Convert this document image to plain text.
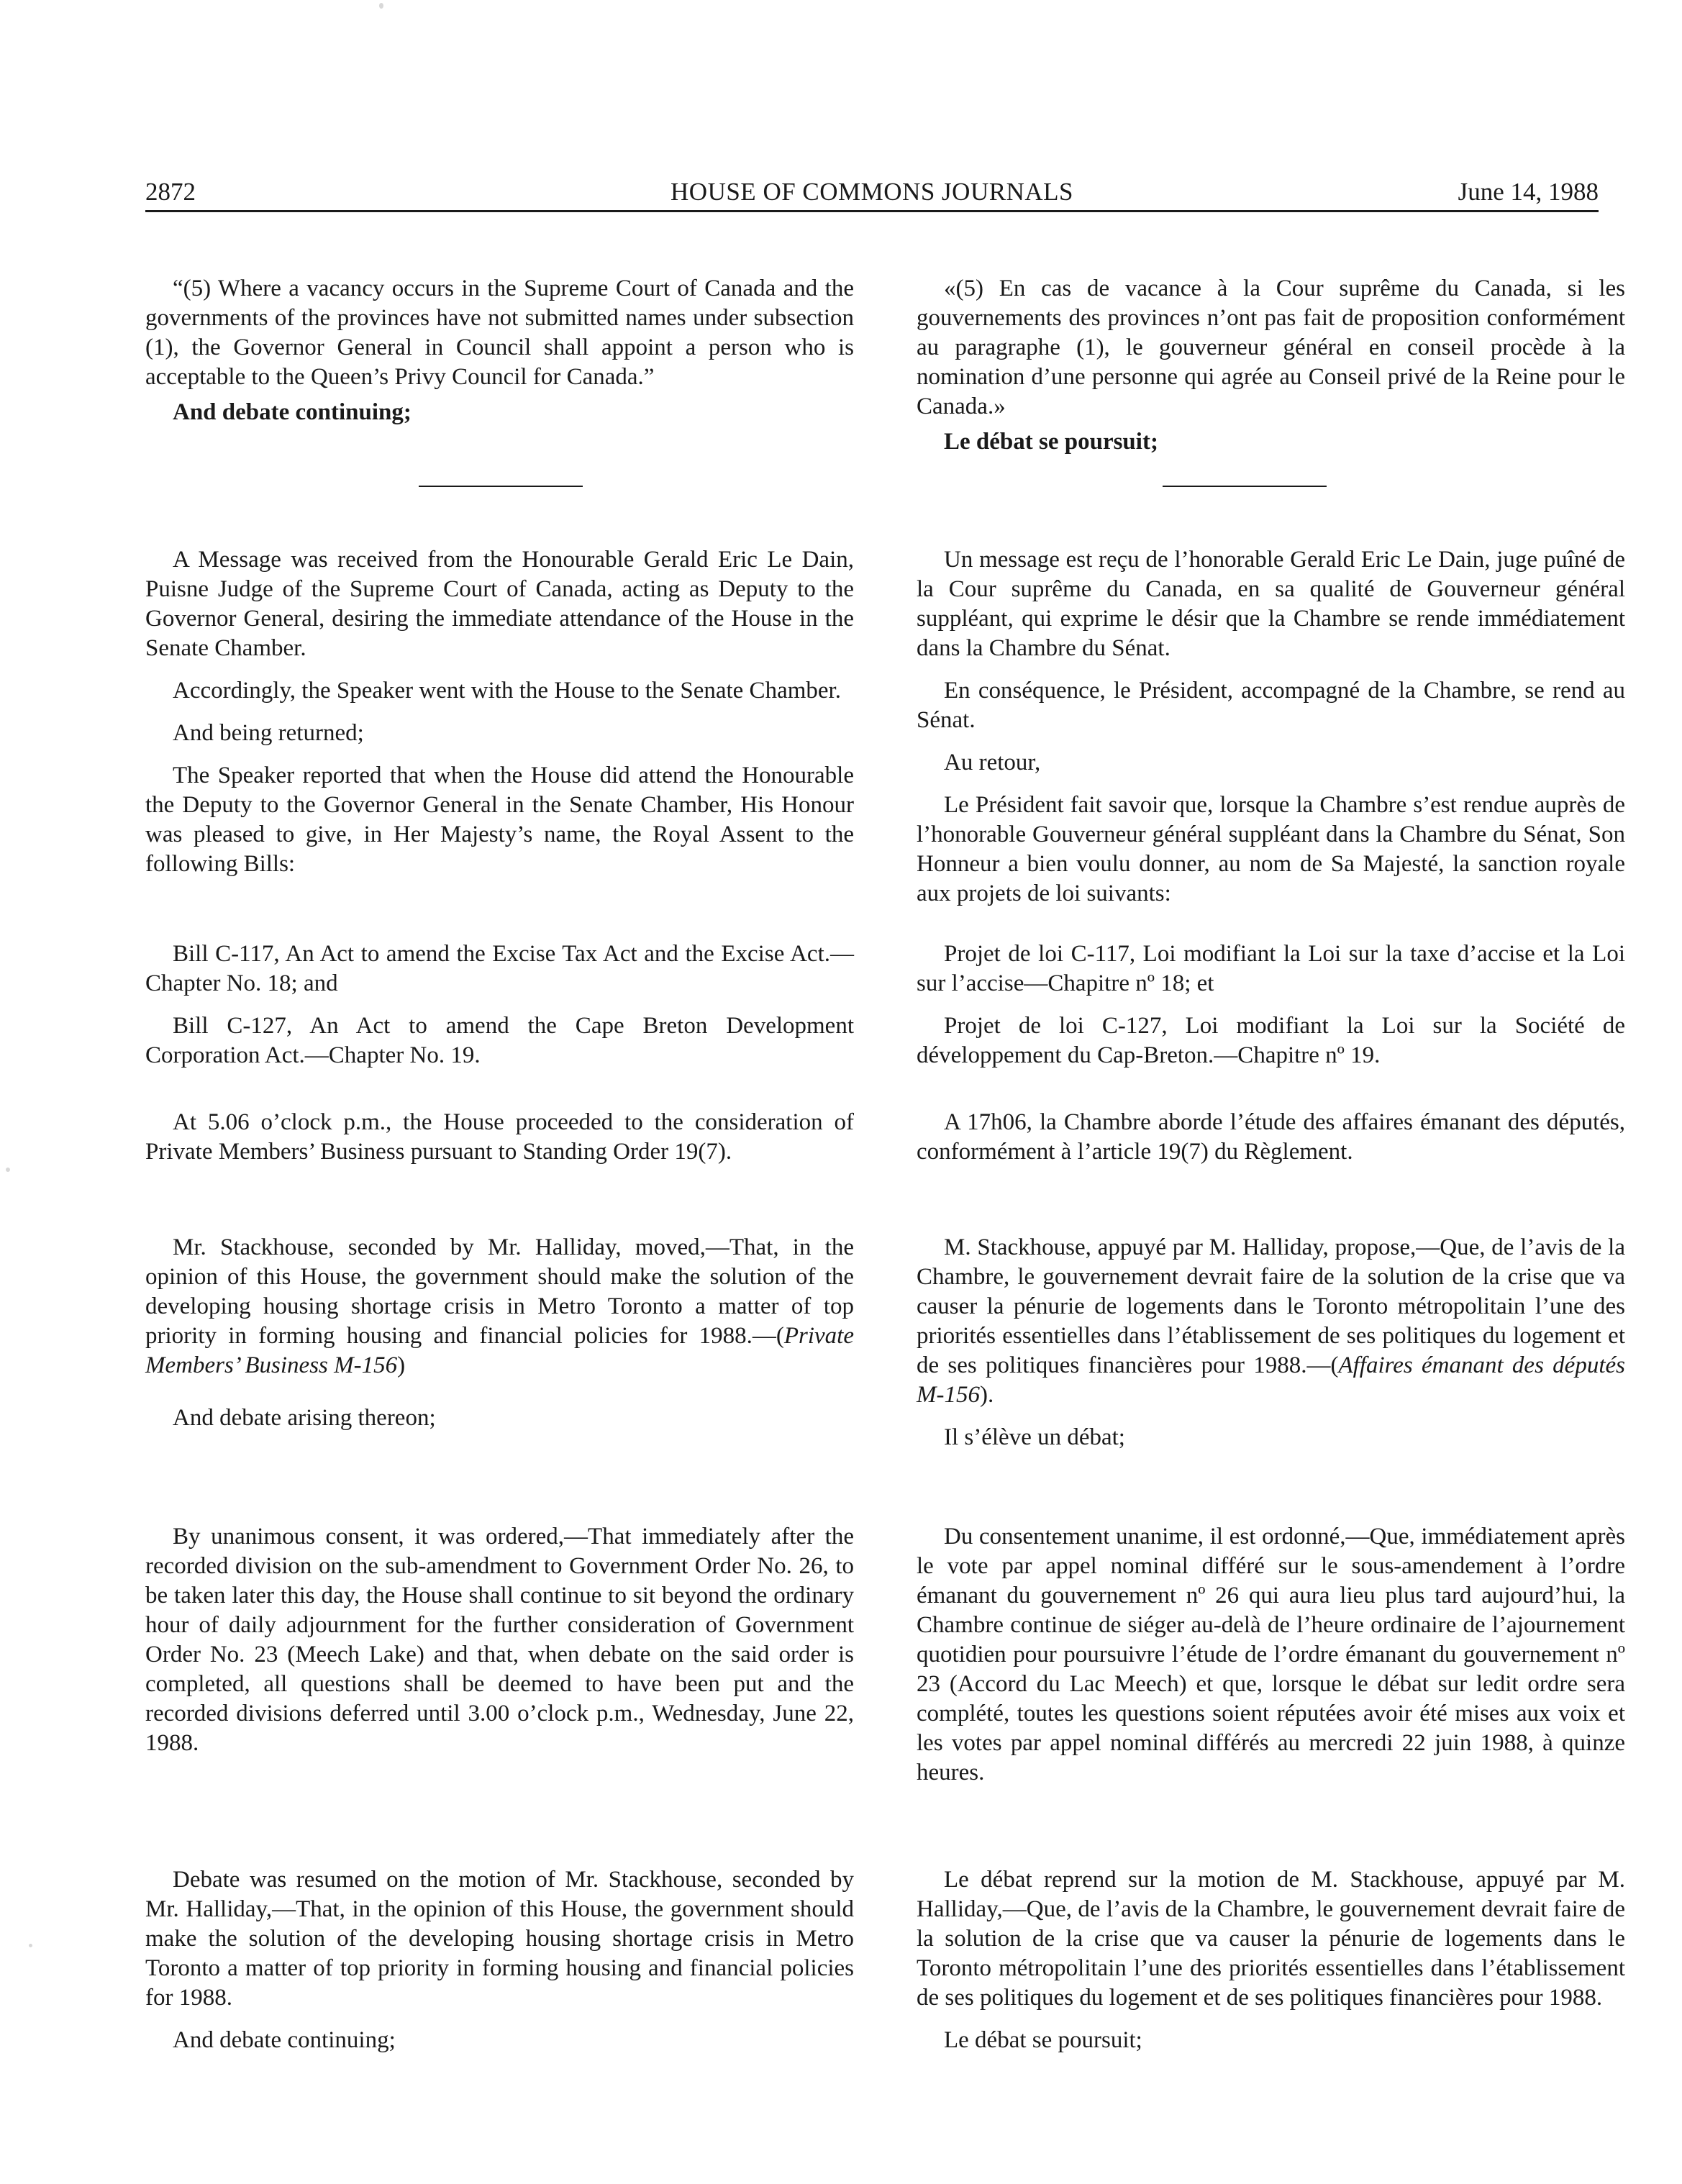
2872	HOUSE OF COMMONS JOURNALS	June 14, 1988

“(5) Where a vacancy occurs in the Supreme Court of Canada and the governments of the provinces have not submitted names under subsection (1), the Governor General in Council shall appoint a person who is acceptable to the Queen’s Privy Council for Canada.”

And debate continuing;

A Message was received from the Honourable Gerald Eric Le Dain, Puisne Judge of the Supreme Court of Canada, acting as Deputy to the Governor General, desiring the immediate attendance of the House in the Senate Chamber.

Accordingly, the Speaker went with the House to the Senate Chamber.

And being returned;

The Speaker reported that when the House did attend the Honourable the Deputy to the Governor General in the Senate Chamber, His Honour was pleased to give, in Her Majesty’s name, the Royal Assent to the following Bills:

Bill C-117, An Act to amend the Excise Tax Act and the Excise Act.—Chapter No. 18; and

Bill C-127, An Act to amend the Cape Breton Development Corporation Act.—Chapter No. 19.

At 5.06 o’clock p.m., the House proceeded to the consideration of Private Members’ Business pursuant to Standing Order 19(7).

Mr. Stackhouse, seconded by Mr. Halliday, moved,—That, in the opinion of this House, the government should make the solution of the developing housing shortage crisis in Metro Toronto a matter of top priority in forming housing and financial policies for 1988.—(Private Members’ Business M-156)

And debate arising thereon;

By unanimous consent, it was ordered,—That immediately after the recorded division on the sub-amendment to Government Order No. 26, to be taken later this day, the House shall continue to sit beyond the ordinary hour of daily adjournment for the further consideration of Government Order No. 23 (Meech Lake) and that, when debate on the said order is completed, all questions shall be deemed to have been put and the recorded divisions deferred until 3.00 o’clock p.m., Wednesday, June 22, 1988.

Debate was resumed on the motion of Mr. Stackhouse, seconded by Mr. Halliday,—That, in the opinion of this House, the government should make the solution of the developing housing shortage crisis in Metro Toronto a matter of top priority in forming housing and financial policies for 1988.

And debate continuing;

«(5) En cas de vacance à la Cour suprême du Canada, si les gouvernements des provinces n’ont pas fait de proposition conformément au paragraphe (1), le gouverneur général en conseil procède à la nomination d’une personne qui agrée au Conseil privé de la Reine pour le Canada.»

Le débat se poursuit;

Un message est reçu de l’honorable Gerald Eric Le Dain, juge puîné de la Cour suprême du Canada, en sa qualité de Gouverneur général suppléant, qui exprime le désir que la Chambre se rende immédiatement dans la Chambre du Sénat.

En conséquence, le Président, accompagné de la Chambre, se rend au Sénat.

Au retour,

Le Président fait savoir que, lorsque la Chambre s’est rendue auprès de l’honorable Gouverneur général suppléant dans la Chambre du Sénat, Son Honneur a bien voulu donner, au nom de Sa Majesté, la sanction royale aux projets de loi suivants:

Projet de loi C-117, Loi modifiant la Loi sur la taxe d’accise et la Loi sur l’accise—Chapitre nº 18; et

Projet de loi C-127, Loi modifiant la Loi sur la Société de développement du Cap-Breton.—Chapitre nº 19.

A 17h06, la Chambre aborde l’étude des affaires émanant des députés, conformément à l’article 19(7) du Règlement.

M. Stackhouse, appuyé par M. Halliday, propose,—Que, de l’avis de la Chambre, le gouvernement devrait faire de la solution de la crise que va causer la pénurie de logements dans le Toronto métropolitain l’une des priorités essentielles dans l’établissement de ses politiques du logement et de ses politiques financières pour 1988.—(Affaires émanant des députés M-156).

Il s’élève un débat;

Du consentement unanime, il est ordonné,—Que, immédiatement après le vote par appel nominal différé sur le sous-amendement à l’ordre émanant du gouvernement nº 26 qui aura lieu plus tard aujourd’hui, la Chambre continue de siéger au-delà de l’heure ordinaire de l’ajournement quotidien pour poursuivre l’étude de l’ordre émanant du gouvernement nº 23 (Accord du Lac Meech) et que, lorsque le débat sur ledit ordre sera complété, toutes les questions soient réputées avoir été mises aux voix et les votes par appel nominal différés au mercredi 22 juin 1988, à quinze heures.

Le débat reprend sur la motion de M. Stackhouse, appuyé par M. Halliday,—Que, de l’avis de la Chambre, le gouvernement devrait faire de la solution de la crise que va causer la pénurie de logements dans le Toronto métropolitain l’une des priorités essentielles dans l’établissement de ses politiques du logement et de ses politiques financières pour 1988.

Le débat se poursuit;
